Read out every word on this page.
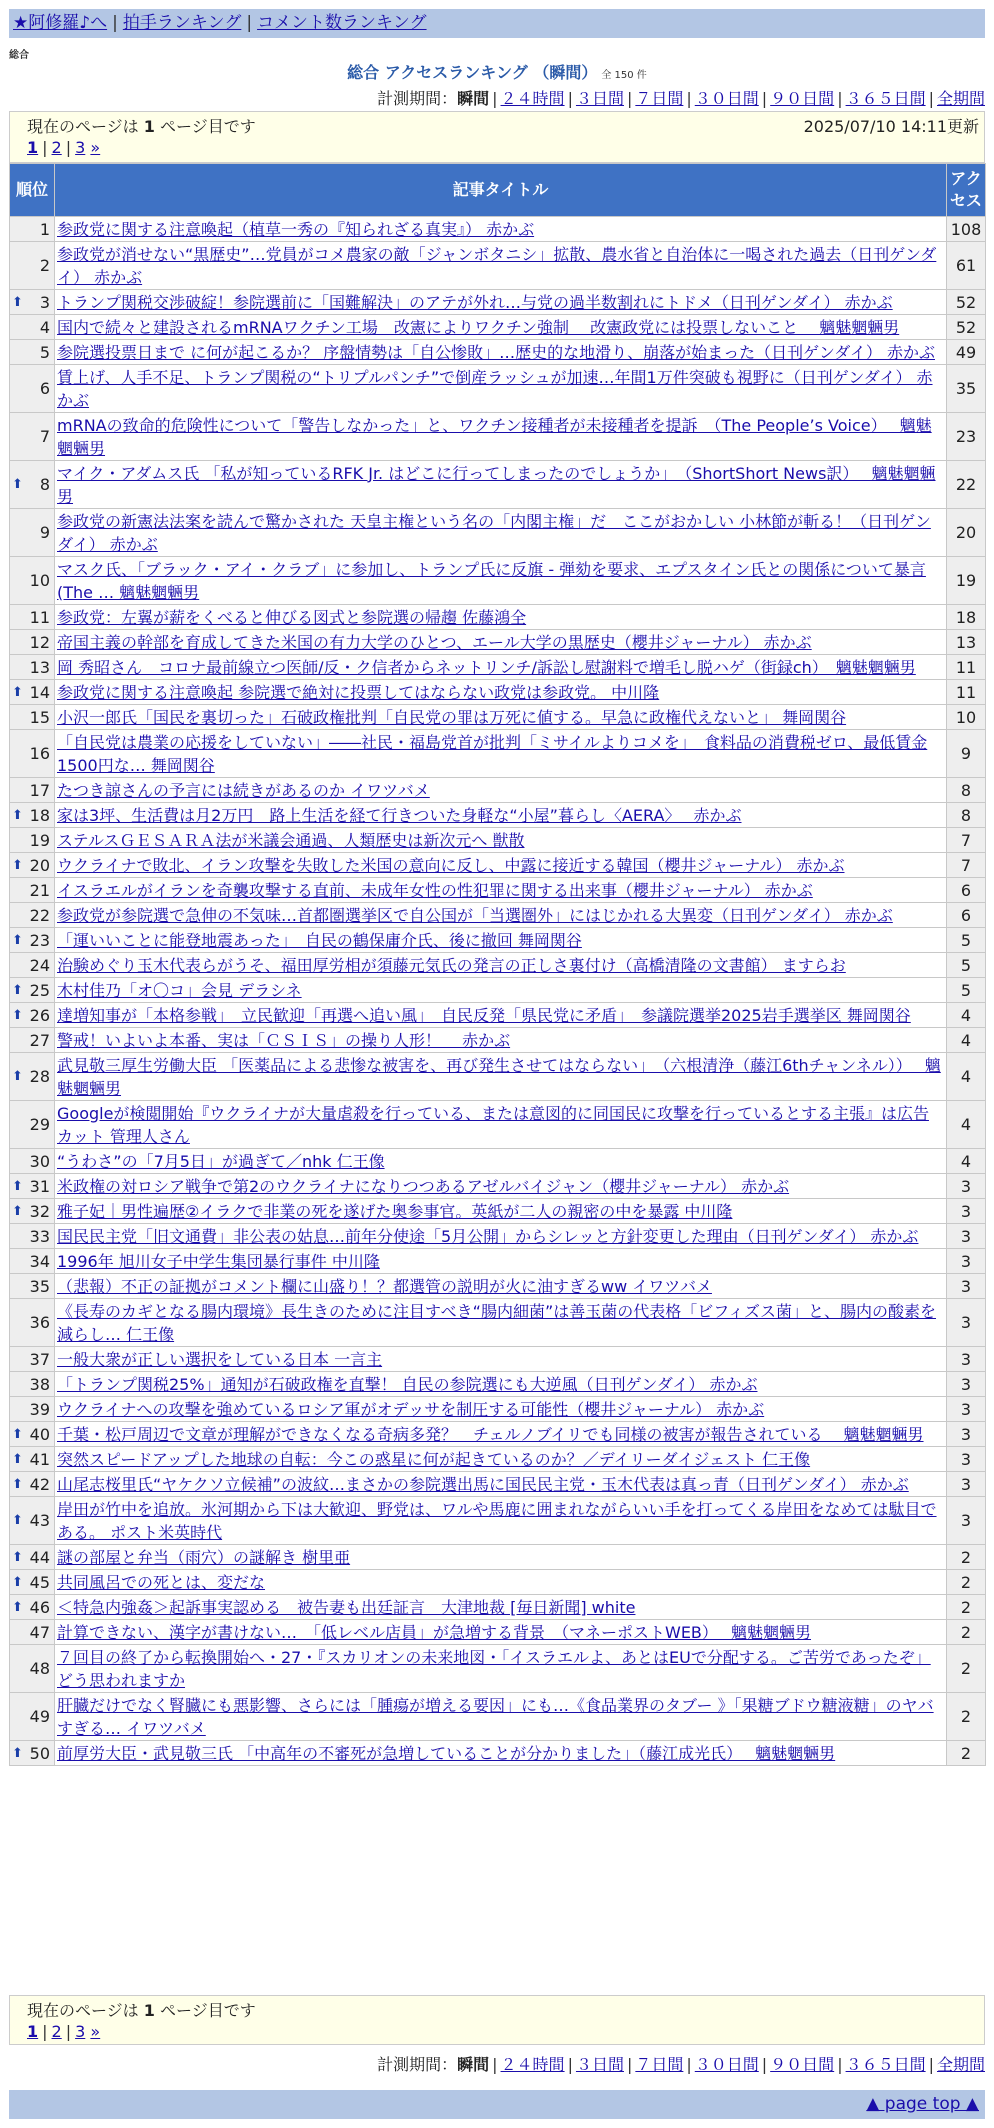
★阿修羅♪へ | 拍手ランキング | コメント数ランキング
総合
総合 アクセスランキング （瞬間） 全 150 件
計測期間：瞬間 | ２４時間 | ３日間 | ７日間 | ３０日間 | ９０日間 | ３６５日間 | 全期間
現在のページは 1 ページ目です	2025/07/10 14:11更新
1 | 2 | 3 »
順位	記事タイトル	アクセス
1	参政党に関する注意喚起（植草一秀の『知られざる真実』） 赤かぶ	108
2	参政党が消せない“黒歴史”…党員がコメ農家の敵「ジャンボタニシ」拡散、農水省と自治体に一喝された過去（日刊ゲンダイ） 赤かぶ	61

⬆ 3	トランプ関税交渉破綻！参院選前に「国難解決」のアテが外れ…与党の過半数割れにトドメ（日刊ゲンダイ） 赤かぶ	52
4	国内で続々と建設されるmRNAワクチン工場　改憲によりワクチン強制　 改憲政党には投票しないこと　 魑魅魍魎男	52
5	参院選投票日まで に何が起こるか？ 序盤情勢は「自公惨敗」…歴史的な地滑り、崩落が始まった（日刊ゲンダイ） 赤かぶ	49
6	賃上げ、人手不足、トランプ関税の“トリプルパンチ”で倒産ラッシュが加速…年間1万件突破も視野に（日刊ゲンダイ） 赤かぶ	35
7	mRNAの致命的危険性について「警告しなかった」と、ワクチン接種者が未接種者を提訴　（The People’s Voice）　 魑魅魍魎男	23

⬆ 8	マイク・アダムス氏 「私が知っているRFK Jr. はどこに行ってしまったのでしょうか」　（ShortShort News訳）　 魑魅魍魎男	22
9	参政党の新憲法法案を読んで驚かされた 天皇主権という名の「内閣主権」だ　ここがおかしい 小林節が斬る！（日刊ゲンダイ） 赤かぶ	20
10	マスク氏、「ブラック・アイ・クラブ」に参加し、トランプ氏に反旗 - 弾劾を要求、エプスタイン氏との関係について暴言(The … 魑魅魍魎男	19
11	参政党：左翼が薪をくべると伸びる図式と参院選の帰趨 佐藤鴻全	18
12	帝国主義の幹部を育成してきた米国の有力大学のひとつ、エール大学の黒歴史（櫻井ジャーナル） 赤かぶ	13
13	岡 秀昭さん　コロナ最前線立つ医師/反・ク信者からネットリンチ/訴訟し慰謝料で増毛し脱ハゲ（街録ch）　魑魅魍魎男	11

⬆ 14	参政党に関する注意喚起 参院選で絶対に投票してはならない政党は参政党。 中川隆	11
15	小沢一郎氏「国民を裏切った」石破政権批判「自民党の罪は万死に値する。早急に政権代えないと」 舞岡関谷	10
16	「自民党は農業の応援をしていない」――社民・福島党首が批判「ミサイルよりコメを」　食料品の消費税ゼロ、最低賃金1500円な… 舞岡関谷	9
17	たつき諒さんの予言には続きがあるのか イワツバメ	8

⬆ 18	家は3坪、生活費は月2万円　路上生活を経て行きついた身軽な“小屋”暮らし〈AERA〉　 赤かぶ	8
19	ステルスＧＥＳＡＲＡ法が米議会通過、人類歴史は新次元へ 獣散	7

⬆ 20	ウクライナで敗北、イラン攻撃を失敗した米国の意向に反し、中露に接近する韓国（櫻井ジャーナル） 赤かぶ	7
21	イスラエルがイランを奇襲攻撃する直前、未成年女性の性犯罪に関する出来事（櫻井ジャーナル） 赤かぶ	6
22	参政党が参院選で急伸の不気味…首都圏選挙区で自公国が「当選圏外」にはじかれる大異変（日刊ゲンダイ） 赤かぶ	6

⬆ 23	「運いいことに能登地震あった」　自民の鶴保庸介氏、後に撤回 舞岡関谷	5
24	治験めぐり玉木代表らがうそ、福田厚労相が須藤元気氏の発言の正しさ裏付け（高橋清隆の文書館） ますらお	5

⬆ 25	木村佳乃「オ〇コ」会見 デラシネ	5

⬆ 26	達増知事が「本格参戦」　立民歓迎「再選へ追い風」　自民反発「県民党に矛盾」　参議院選挙2025岩手選挙区 舞岡関谷	4
27	警戒！いよいよ本番、実は「ＣＳＩＳ」の操り人形！　 赤かぶ	4

⬆ 28	武見敬三厚生労働大臣 「医薬品による悲惨な被害を、再び発生させてはならない」　（六根清浄（藤江6thチャンネル））　 魑魅魍魎男	4
29	Googleが検閲開始『ウクライナが大量虐殺を行っている、または意図的に同国民に攻撃を行っているとする主張』は広告カット 管理人さん	4
30	“うわさ”の「7月5日」が過ぎて／nhk 仁王像	4

⬆ 31	米政権の対ロシア戦争で第2のウクライナになりつつあるアゼルバイジャン（櫻井ジャーナル） 赤かぶ	3

⬆ 32	雅子妃｜男性遍歴②イラクで非業の死を遂げた奥参事官。英紙が二人の親密の中を暴露 中川隆	3
33	国民民主党「旧文通費」非公表の姑息…前年分使途「5月公開」からシレッと方針変更した理由（日刊ゲンダイ） 赤かぶ	3
34	1996年 旭川女子中学生集団暴行事件 中川隆	3
35	（悲報）不正の証拠がコメント欄に山盛り！？都選管の説明が火に油すぎるww イワツバメ	3
36	《長寿のカギとなる腸内環境》長生きのために注目すべき“腸内細菌”は善玉菌の代表格「ビフィズス菌」と、腸内の酸素を減らし… 仁王像	3
37	一般大衆が正しい選択をしている日本 一言主	3
38	「トランプ関税25%」通知が石破政権を直撃！ 自民の参院選にも大逆風（日刊ゲンダイ） 赤かぶ	3
39	ウクライナへの攻撃を強めているロシア軍がオデッサを制圧する可能性（櫻井ジャーナル） 赤かぶ	3

⬆ 40	千葉・松戸周辺で文章が理解ができなくなる奇病多発？　チェルノブイリでも同様の被害が報告されている　 魑魅魍魎男	3

⬆ 41	突然スピードアップした地球の自転：今この惑星に何が起きているのか？／デイリーダイジェスト 仁王像	3

⬆ 42	山尾志桜里氏“ヤケクソ立候補”の波紋…まさかの参院選出馬に国民民主党・玉木代表は真っ青（日刊ゲンダイ） 赤かぶ	3

⬆ 43	岸田が竹中を追放。氷河期から下は大歓迎、野党は、ワルや馬鹿に囲まれながらいい手を打ってくる岸田をなめては駄目である。 ポスト米英時代	3

⬆ 44	謎の部屋と弁当（雨穴）の謎解き 樹里亜	2

⬆ 45	共同風呂での死とは、変だな	2

⬆ 46	＜特急内強姦＞起訴事実認める　被告妻も出廷証言　大津地裁 [毎日新聞] white	2
47	計算できない、漢字が書けない…　「低レベル店員」が急増する背景　（マネーポストWEB）　 魑魅魍魎男	2
48	７回目の終了から転換開始へ・27・『スカリオンの未来地図・「イスラエルよ、あとはEUで分配する。ご苦労であったぞ」 どう思われますか	2
49	肝臓だけでなく腎臓にも悪影響、さらには「腫瘍が増える要因」にも…《食品業界のタブー 》「果糖ブドウ糖液糖」のヤバすぎる… イワツバメ	2

⬆ 50	前厚労大臣・武見敬三氏 「中高年の不審死が急増していることが分かりました」（藤江成光氏）　 魑魅魍魎男	2
現在のページは 1 ページ目です
1 | 2 | 3 »
計測期間：瞬間 | ２４時間 | ３日間 | ７日間 | ３０日間 | ９０日間 | ３６５日間 | 全期間
▲ page top ▲
